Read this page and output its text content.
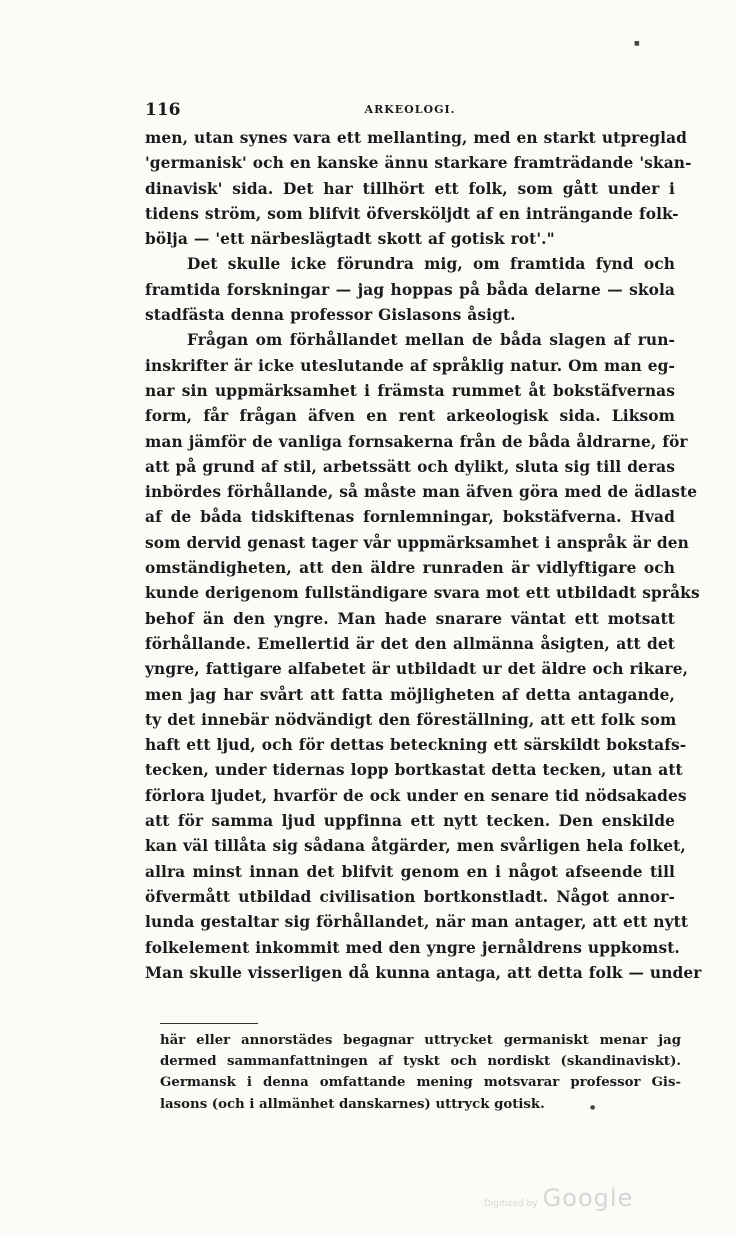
116	ARKEOLOGI.
men, utan synes vara ett mellanting, med en starkt utpreglad
'germanisk' och en kanske ännu starkare framträdande 'skan-
dinavisk' sida. Det har tillhört ett folk, som gått under i
tidens ström, som blifvit öfversköljdt af en inträngande folk-
bölja — 'ett närbeslägtadt skott af gotisk rot'."
Det skulle icke förundra mig, om framtida fynd och
framtida forskningar — jag hoppas på båda delarne — skola
stadfästa denna professor Gislasons åsigt.
Frågan om förhållandet mellan de båda slagen af run-
inskrifter är icke uteslutande af språklig natur. Om man eg-
nar sin uppmärksamhet i främsta rummet åt bokstäfvernas
form, får frågan äfven en rent arkeologisk sida. Liksom
man jämför de vanliga fornsakerna från de båda åldrarne, för
att på grund af stil, arbetssätt och dylikt, sluta sig till deras
inbördes förhållande, så måste man äfven göra med de ädlaste
af de båda tidskiftenas fornlemningar, bokstäfverna. Hvad
som dervid genast tager vår uppmärksamhet i anspråk är den
omständigheten, att den äldre runraden är vidlyftigare och
kunde derigenom fullständigare svara mot ett utbildadt språks
behof än den yngre. Man hade snarare väntat ett motsatt
förhållande. Emellertid är det den allmänna åsigten, att det
yngre, fattigare alfabetet är utbildadt ur det äldre och rikare,
men jag har svårt att fatta möjligheten af detta antagande,
ty det innebär nödvändigt den föreställning, att ett folk som
haft ett ljud, och för dettas beteckning ett särskildt bokstafs-
tecken, under tidernas lopp bortkastat detta tecken, utan att
förlora ljudet, hvarför de ock under en senare tid nödsakades
att för samma ljud uppfinna ett nytt tecken. Den enskilde
kan väl tillåta sig sådana åtgärder, men svårligen hela folket,
allra minst innan det blifvit genom en i något afseende till
öfvermått utbildad civilisation bortkonstladt. Något annor-
lunda gestaltar sig förhållandet, när man antager, att ett nytt
folkelement inkommit med den yngre jernåldrens uppkomst.
Man skulle visserligen då kunna antaga, att detta folk — under
här eller annorstädes begagnar uttrycket germaniskt menar jag
dermed sammanfattningen af tyskt och nordiskt (skandinaviskt).
Germansk i denna omfattande mening motsvarar professor Gis-
lasons (och i allmänhet danskarnes) uttryck gotisk.
■
●
Digitized by Google
